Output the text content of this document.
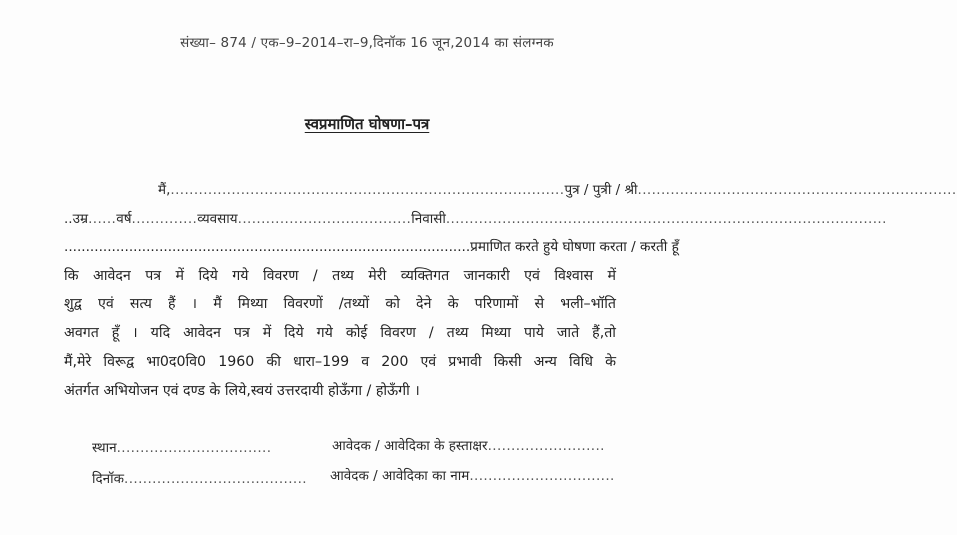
संख्या– 874 / एक–9–2014–रा–9,दिनॉक 16 जून,2014 का संलग्नक
स्वप्रमाणित घोषणा–पत्र
मैं,....................................................................................पुत्र / पुत्री / श्री....................................................................
..उम्र......वर्ष..............व्यवसाय.....................................निवासी..............................................................................................
..............................................................................................प्रमाणित करते हुये घोषणा करता / करती हूँ
कि आवेदन पत्र में दिये गये विवरण / तथ्य मेरी व्यक्तिगत जानकारी एवं विश्वास में
शुद्व एवं सत्य हैं । मैं मिथ्या विवरणों /तथ्यों को देने के परिणामों से भली–भॉति
अवगत हूँ । यदि आवेदन पत्र में दिये गये कोई विवरण / तथ्य मिथ्या पाये जाते हैं,तो
मैं,मेरे विरूद्व भा0द0वि0 1960 की धारा–199 व 200 एवं प्रभावी किसी अन्य विधि के
अंतर्गत अभियोजन एवं दण्ड के लिये,स्वयं उत्तरदायी होऊँगा / होऊँगी ।
स्थान.................................	आवेदक / आवेदिका के हस्ताक्षर.........................
दिनॉक....................................... आवेदक / आवेदिका का नाम...............................
